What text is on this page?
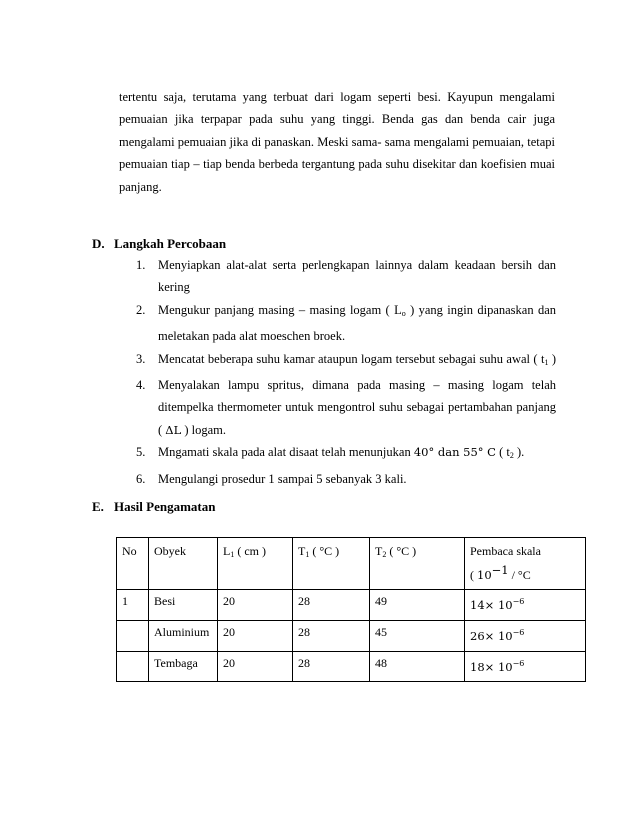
tertentu saja, terutama yang terbuat dari logam seperti besi. Kayupun mengalami

pemuaian jika terpapar pada suhu yang tinggi. Benda gas dan benda cair juga

mengalami pemuaian jika di panaskan. Meski sama- sama mengalami pemuaian, tetapi

pemuaian tiap – tiap benda berbeda tergantung pada suhu disekitar dan koefisien muai

panjang.

D. Langkah Percobaan
1. Menyiapkan alat-alat serta perlengkapan lainnya dalam keadaan bersih dan
kering
2. Mengukur panjang masing – masing logam ( $L_o$ ) yang ingin dipanaskan dan
meletakan pada alat moeschen broek.
3. Mencatat beberapa suhu kamar ataupun logam tersebut sebagai suhu awal ( $t_1$ )
4. Menyalakan lampu spritus, dimana pada masing – masing logam telah
ditempelka thermometer untuk mengontrol suhu sebagai pertambahan panjang
( ΔL ) logam.
5. Mngamati skala pada alat disaat telah menunjukan 40° dan 55° C ( $t_2$ ).
6. Mengulangi prosedur 1 sampai 5 sebanyak 3 kali.
E. Hasil Pengamatan
No	Obyek	$L_1$ ( cm )	$T_1$ ( °C )	$T_2$ ( °C )	Pembaca skala
( $10^{-1} / ^\circ C$
1	Besi	20	28	49	$14\times 10^{-6}$
	Aluminium	20	28	45	$26\times 10^{-6}$
	Tembaga	20	28	48	$18\times 10^{-6}$
